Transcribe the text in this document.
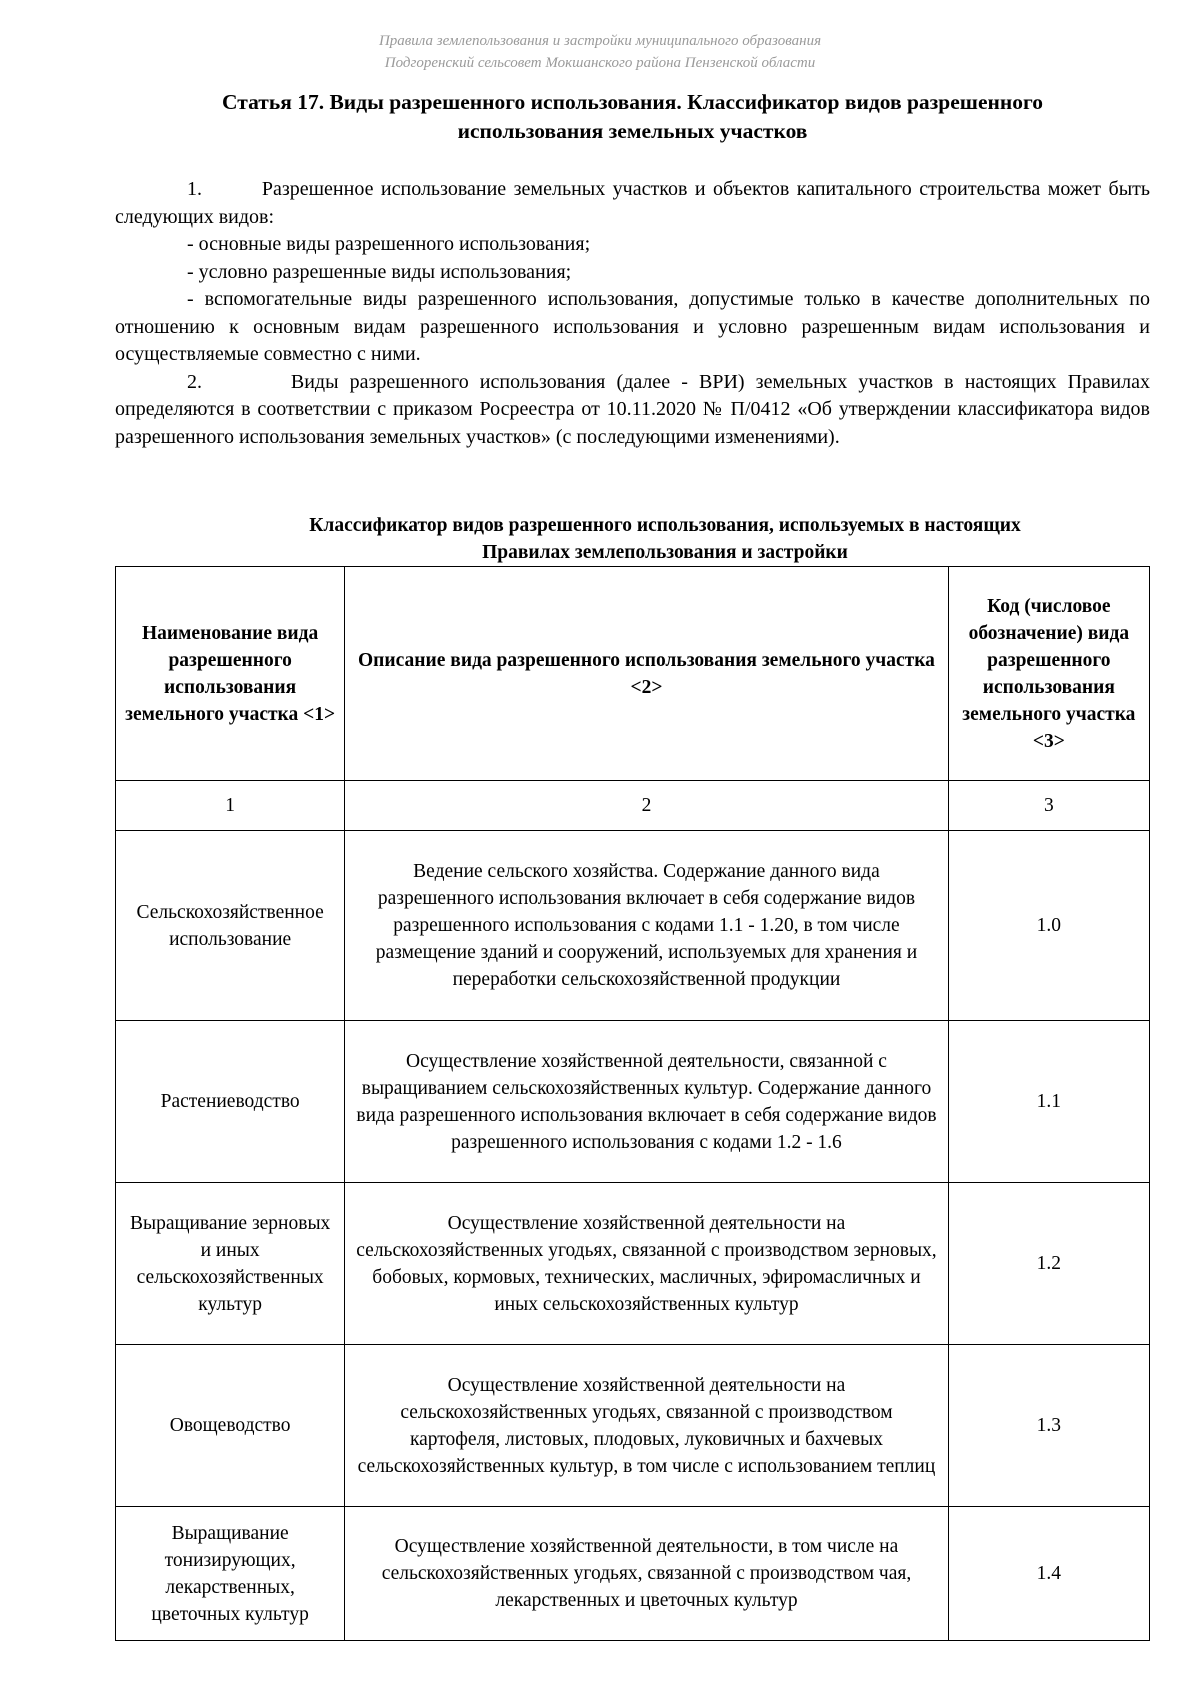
Правила землепользования и застройки муниципального образования
Подгоренский сельсовет Мокшанского района Пензенской области
Статья 17. Виды разрешенного использования. Классификатор видов разрешенного
использования земельных участков

1.        Разрешенное использование земельных участков и объектов капитального строительства может быть следующих видов:

- основные виды разрешенного использования;

- условно разрешенные виды использования;

- вспомогательные виды разрешенного использования, допустимые только в качестве дополнительных по отношению к основным видам разрешенного использования и условно разрешенным видам использования и осуществляемые совместно с ними.

2.        Виды разрешенного использования (далее - ВРИ) земельных участков в настоящих Правилах определяются в соответствии с приказом Росреестра от 10.11.2020 № П/0412 «Об утверждении классификатора видов разрешенного использования земельных участков» (с последующими изменениями).

Классификатор видов разрешенного использования, используемых в настоящих
Правилах землепользования и застройки
Наименование вида разрешенного использования земельного участка <1>	Описание вида разрешенного использования земельного участка <2>	Код (числовое обозначение) вида разрешенного использования земельного участка <3>
1	2	3
Сельскохозяйственное использование	Ведение сельского хозяйства. Содержание данного вида разрешенного использования включает в себя содержание видов разрешенного использования с кодами 1.1 - 1.20, в том числе размещение зданий и сооружений, используемых для хранения и переработки сельскохозяйственной продукции	1.0
Растениеводство	Осуществление хозяйственной деятельности, связанной с выращиванием сельскохозяйственных культур. Содержание данного вида разрешенного использования включает в себя содержание видов разрешенного использования с кодами 1.2 - 1.6	1.1
Выращивание зерновых и иных сельскохозяйственных культур	Осуществление хозяйственной деятельности на сельскохозяйственных угодьях, связанной с производством зерновых, бобовых, кормовых, технических, масличных, эфиромасличных и иных сельскохозяйственных культур	1.2
Овощеводство	Осуществление хозяйственной деятельности на сельскохозяйственных угодьях, связанной с производством картофеля, листовых, плодовых, луковичных и бахчевых сельскохозяйственных культур, в том числе с использованием теплиц	1.3
Выращивание тонизирующих, лекарственных, цветочных культур	Осуществление хозяйственной деятельности, в том числе на сельскохозяйственных угодьях, связанной с производством чая, лекарственных и цветочных культур	1.4
